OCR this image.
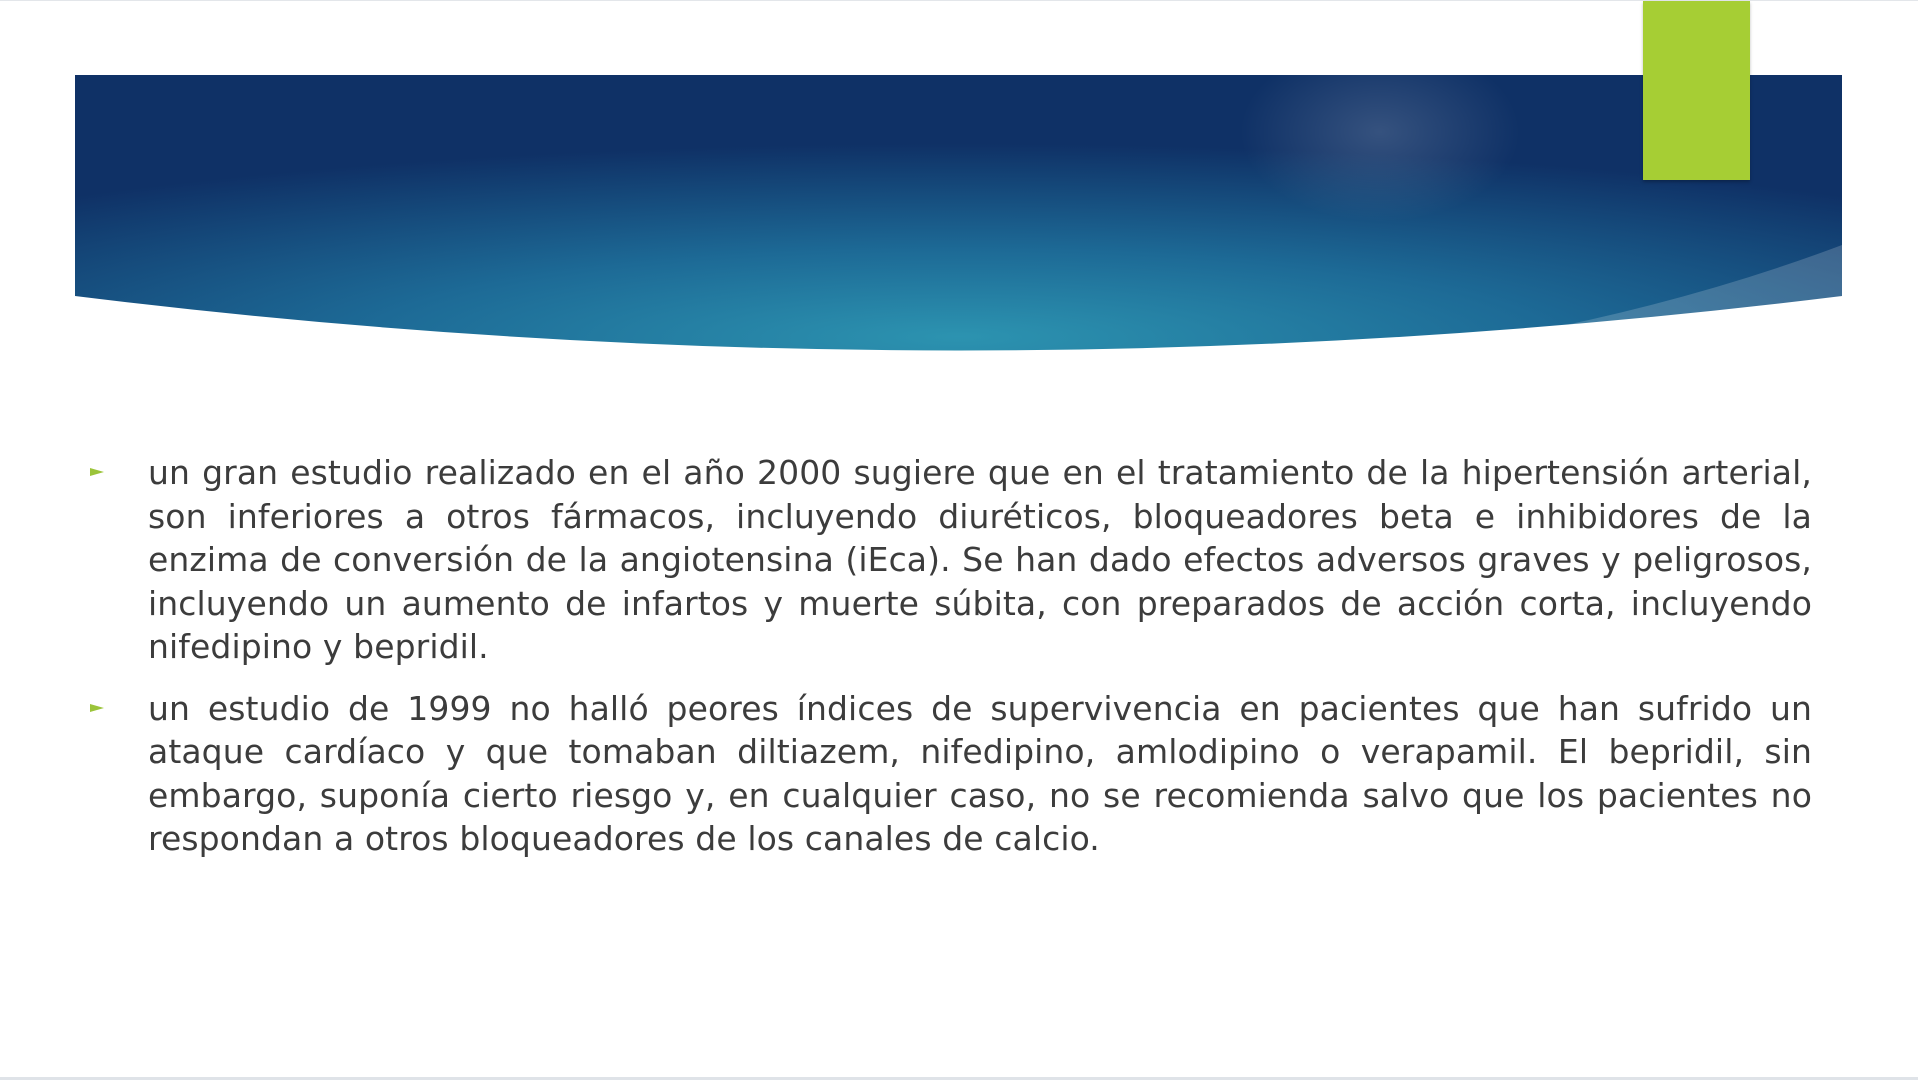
un gran estudio realizado en el año 2000 sugiere que en el tratamiento de la hipertensión arterial, son inferiores a otros fármacos, incluyendo diuréticos, bloqueadores beta e inhibidores de la enzima de conversión de la angiotensina (iEca). Se han dado efectos adversos graves y peligrosos, incluyendo un aumento de infartos y muerte súbita, con preparados de acción corta, incluyendo nifedipino y bepridil.
un estudio de 1999 no halló peores índices de supervivencia en pacientes que han sufrido un ataque cardíaco y que tomaban diltiazem, nifedipino, amlodipino o verapamil. El bepridil, sin embargo, suponía cierto riesgo y, en cualquier caso, no se recomienda salvo que los pacientes no respondan a otros bloqueadores de los canales de calcio.
